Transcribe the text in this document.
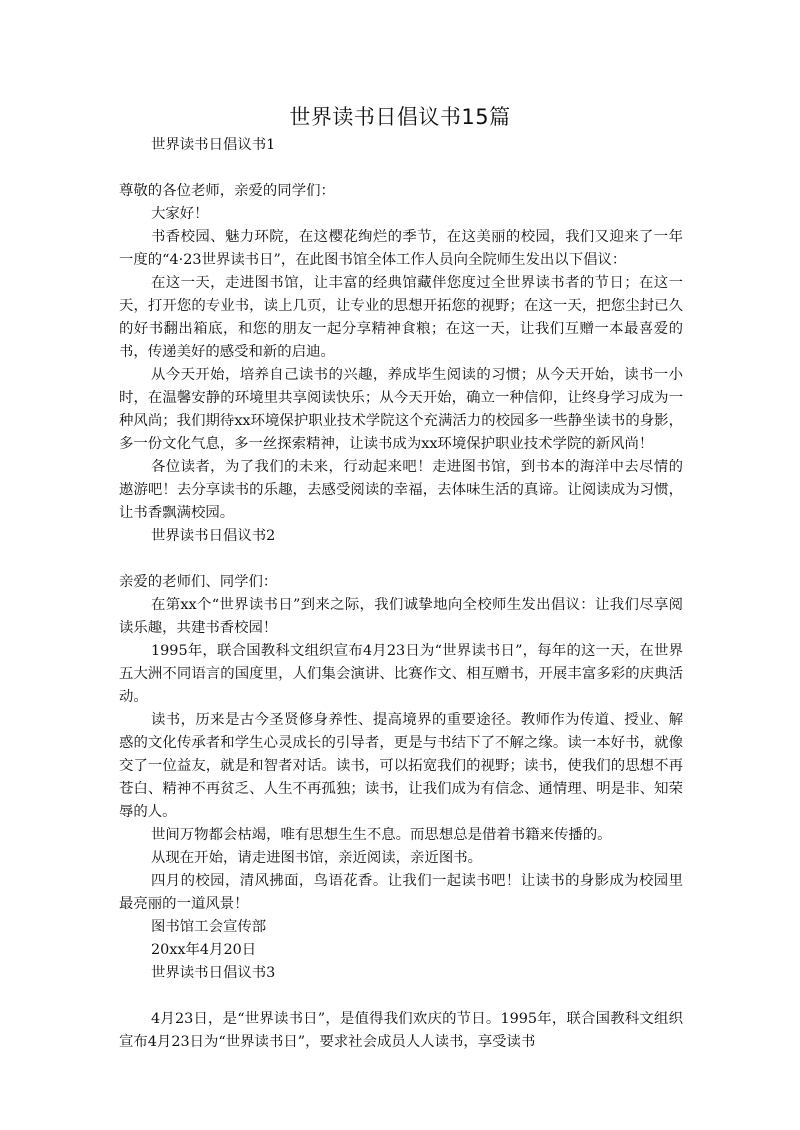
世界读书日倡议书15篇

世界读书日倡议书1

尊敬的各位老师，亲爱的同学们：

大家好！

书香校园、魅力环院，在这樱花绚烂的季节，在这美丽的校园，我们又迎来了一年一度的“4·23世界读书日”，在此图书馆全体工作人员向全院师生发出以下倡议：

在这一天，走进图书馆，让丰富的经典馆藏伴您度过全世界读书者的节日；在这一天，打开您的专业书，读上几页，让专业的思想开拓您的视野；在这一天，把您尘封已久的好书翻出箱底，和您的朋友一起分享精神食粮；在这一天，让我们互赠一本最喜爱的书，传递美好的感受和新的启迪。

从今天开始，培养自己读书的兴趣，养成毕生阅读的习惯；从今天开始，读书一小时，在温馨安静的环境里共享阅读快乐；从今天开始，确立一种信仰，让终身学习成为一种风尚；我们期待xx环境保护职业技术学院这个充满活力的校园多一些静坐读书的身影，多一份文化气息，多一丝探索精神，让读书成为xx环境保护职业技术学院的新风尚！

各位读者，为了我们的未来，行动起来吧！走进图书馆，到书本的海洋中去尽情的遨游吧！去分享读书的乐趣，去感受阅读的幸福，去体味生活的真谛。让阅读成为习惯，让书香飘满校园。

世界读书日倡议书2

亲爱的老师们、同学们：

在第xx个“世界读书日”到来之际，我们诚挚地向全校师生发出倡议：让我们尽享阅读乐趣，共建书香校园！

1995年，联合国教科文组织宣布4月23日为“世界读书日”，每年的这一天，在世界五大洲不同语言的国度里，人们集会演讲、比赛作文、相互赠书，开展丰富多彩的庆典活动。

读书，历来是古今圣贤修身养性、提高境界的重要途径。教师作为传道、授业、解惑的文化传承者和学生心灵成长的引导者，更是与书结下了不解之缘。读一本好书，就像交了一位益友，就是和智者对话。读书，可以拓宽我们的视野；读书，使我们的思想不再苍白、精神不再贫乏、人生不再孤独；读书，让我们成为有信念、通情理、明是非、知荣辱的人。

世间万物都会枯竭，唯有思想生生不息。而思想总是借着书籍来传播的。

从现在开始，请走进图书馆，亲近阅读，亲近图书。

四月的校园，清风拂面，鸟语花香。让我们一起读书吧！让读书的身影成为校园里最亮丽的一道风景！

图书馆工会宣传部

20xx年4月20日

世界读书日倡议书3

4月23日，是“世界读书日”，是值得我们欢庆的节日。1995年，联合国教科文组织宣布4月23日为“世界读书日”，要求社会成员人人读书，享受读书
